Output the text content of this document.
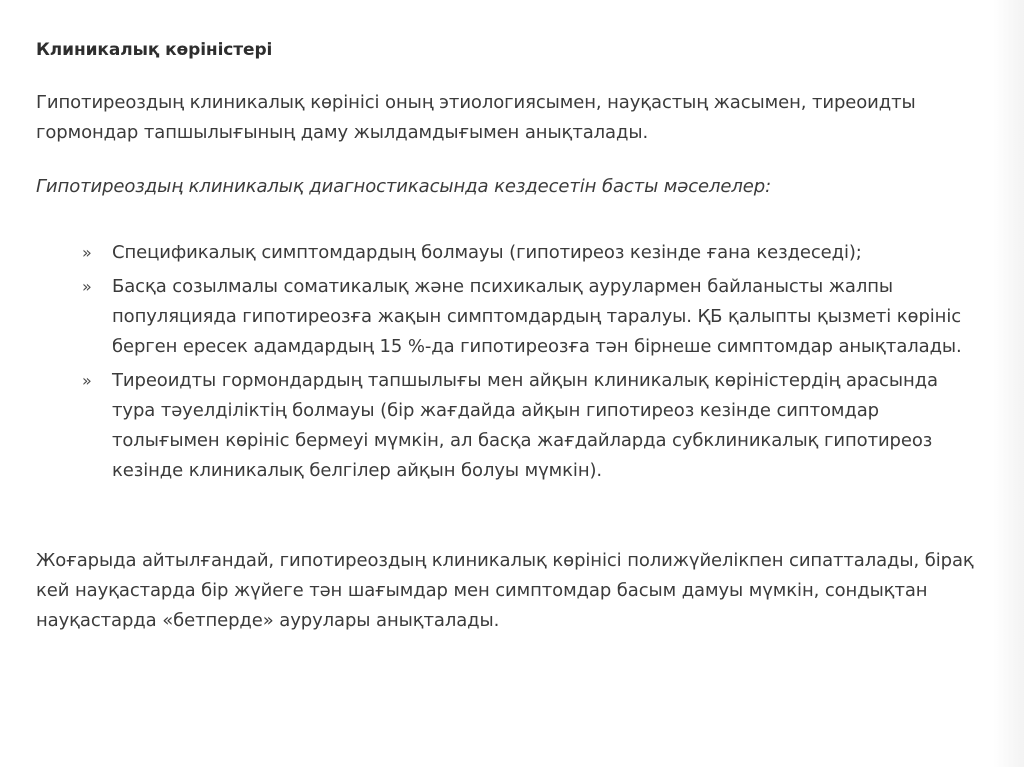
Клиникалық көріністері

Гипотиреоздың клиникалық көрінісі оның этиологиясымен, науқастың жасымен, тиреоидты гормондар тапшылығының даму жылдамдығымен анықталады.

Гипотиреоздың клиникалық диагностикасында кездесетін басты мәселелер:

» Спецификалық симптомдардың болмауы (гипотиреоз кезінде ғана кездеседі);
» Басқа созылмалы соматикалық және психикалық аурулармен байланысты жалпы популяцияда гипотиреозға жақын симптомдардың таралуы. ҚБ қалыпты қызметі көрініс берген ересек адамдардың 15 %-да гипотиреозға тән бірнеше симптомдар анықталады.
» Тиреоидты гормондардың тапшылығы мен айқын клиникалық көріністердің арасында тура тәуелділіктің болмауы (бір жағдайда айқын гипотиреоз кезінде сиптомдар толығымен көрініс бермеуі мүмкін, ал басқа жағдайларда субклиникалық гипотиреоз кезінде клиникалық белгілер айқын болуы мүмкін).

Жоғарыда айтылғандай, гипотиреоздың клиникалық көрінісі полижүйелікпен сипатталады, бірақ кей науқастарда бір жүйеге тән шағымдар мен симптомдар басым дамуы мүмкін, сондықтан науқастарда «бетперде» аурулары анықталады.
